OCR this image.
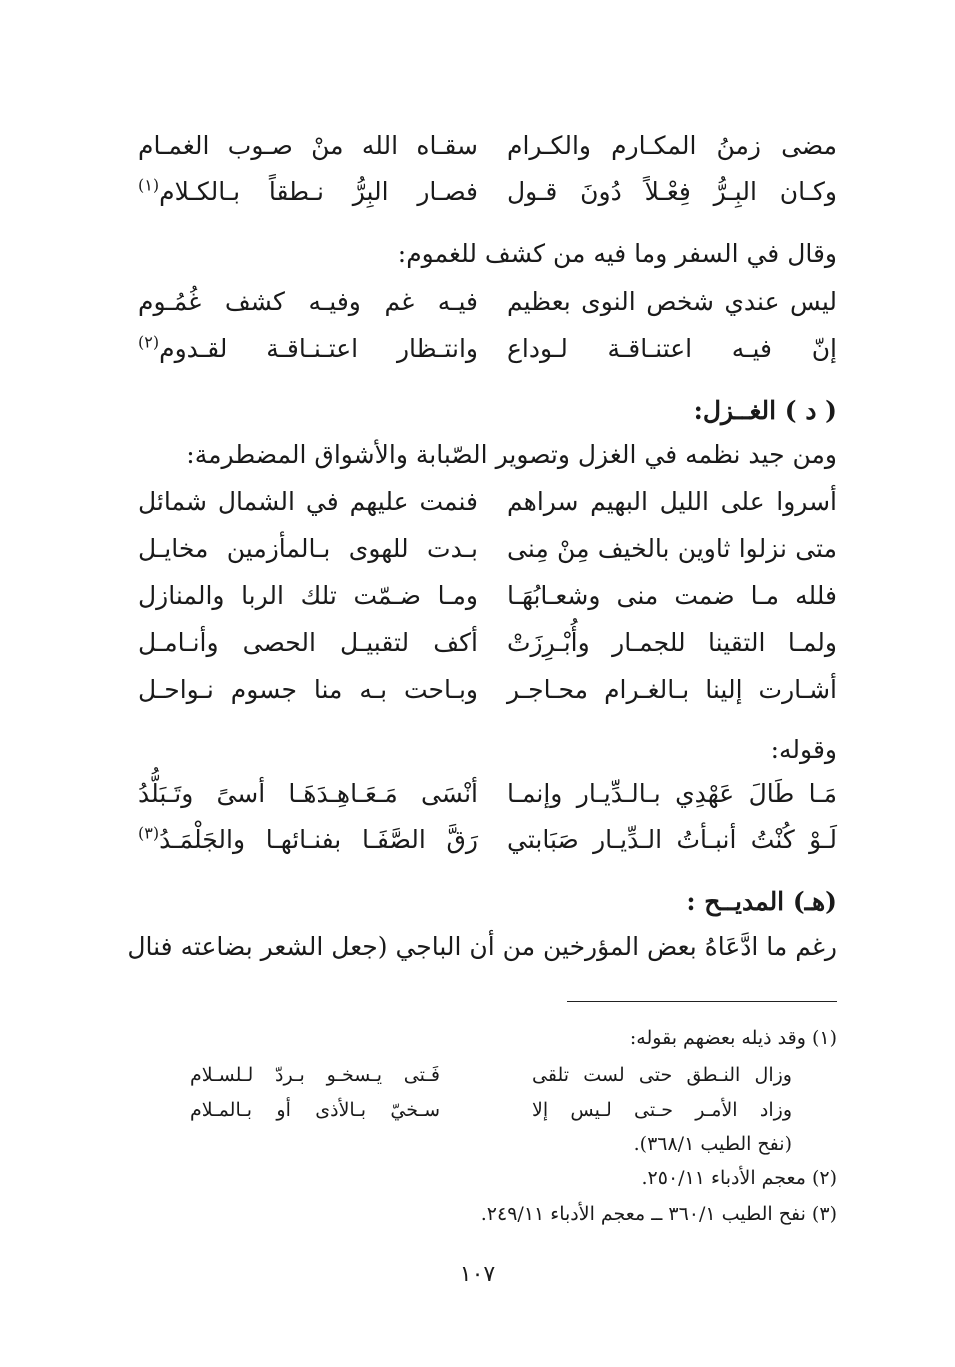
مضى زمنُ المكـارم والكـرام
سقـاه الله منْ صـوب الغمـام
وكـان البِـرُّ فِعْـلاً دُونَ قـول
فصـار البِرُّ نـطقاً بـالكـلام$^{(١)}$
وقال في السفر وما فيه من كشف للغموم:
ليس عندي شخص النوى بعظيم
فيـه غم وفيـه كشف غُمُـوم
إنّ فيـه اعتنـاقـة لـوداع
وانتـظار اعتـنـاقـة لقـدوم$^{(٢)}$
( د ) الغــزل:
ومن جيد نظمه في الغزل وتصوير الصّبابة والأشواق المضطرمة:
أسروا على الليل البهيم سراهم
فنمت عليهم في الشمال شمائل
متى نزلوا ثاوين بالخيف مِنْ مِنى
بـدت للهوى بـالمأزمين مخايـل
فلله مـا ضمت منى وشعـابُهَـا
ومـا ضـمّت تلك الربا والمنازل
ولمـا التقينا للجمـار وأُبْـرِزَتْ
أكف لتقبيـل الحصى وأنـامـل
أشـارت إلينا بـالغـرام محـاجـر
وبـاحت بـه منا جسوم نـواحـل
وقوله:
مَـا طَالَ عَهْدِي بـالـدِّيـار وإنمـا
أنْسَى مَـعَـاهِـدَهَـا أسىً وتَـبَلُّدُ
لَـوْ كُنْتُ أنبـأتُ الـدِّيـار صَبَابتي
رَقَّ الصَّفَـا بفنـائهـا والجَلْمَـدُ$^{(٣)}$
(هـ) المديــح :
رغم ما ادَّعَاهُ بعض المؤرخين من أن الباجي (جعل الشعر بضاعته فنال
(١) وقد ذيله بعضهم بقوله:
وزال النـطق حتى لست تلقى
فَـتى يـسخـو بـردّ لـلسـلام
وزاد الأمـر حـتى لـيس إلا
سـخيّ بـالأذى أو بـالمـلام
(نفح الطيب ٣٦٨/١).
(٢) معجم الأدباء ٢٥٠/١١.
(٣) نفح الطيب ٣٦٠/١ ــ معجم الأدباء ٢٤٩/١١.
١٠٧
